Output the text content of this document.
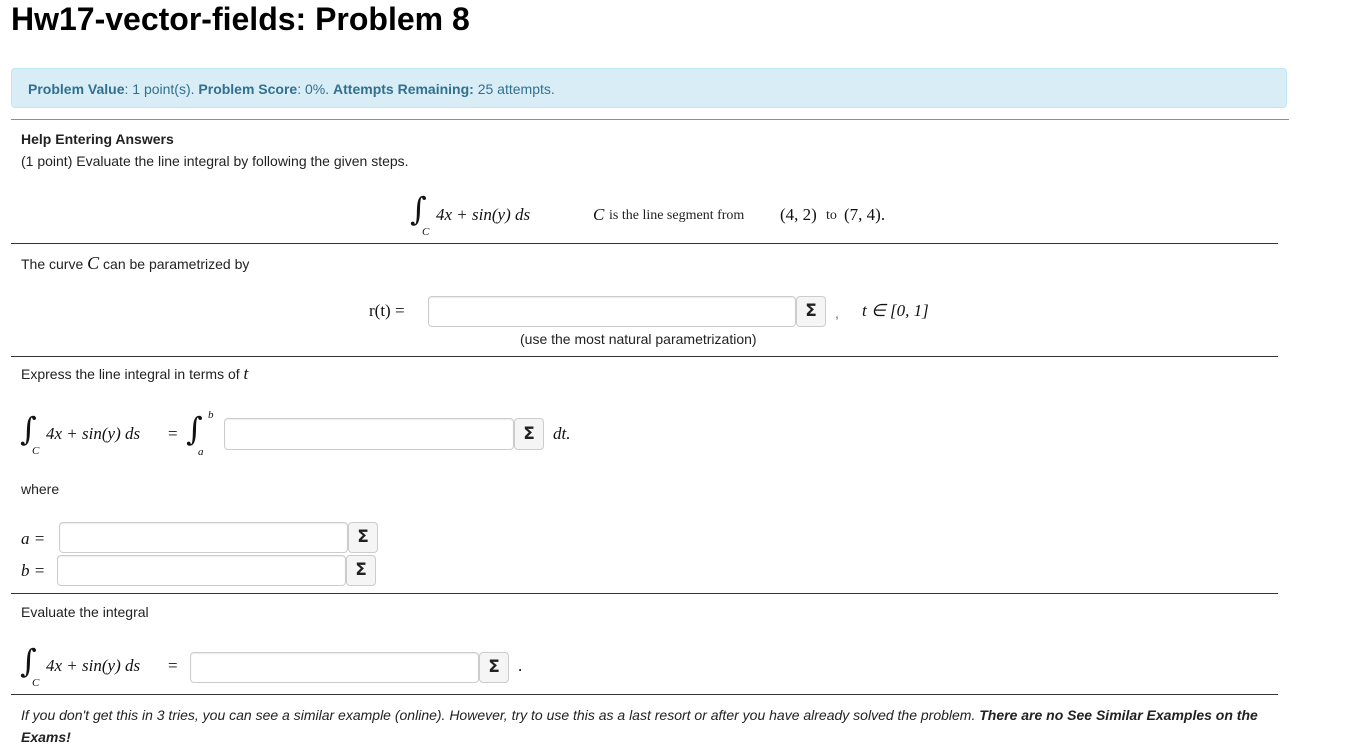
Hw17-vector-fields: Problem 8
Problem Value: 1 point(s). Problem Score: 0%. Attempts Remaining: 25 attempts.
Help Entering Answers
(1 point) Evaluate the line integral by following the given steps.
∫
C
4x + sin(y) ds	C is the line segment from (4, 2) to (7, 4).
The curve C can be parametrized by
r(t) =	Σ	, t ∈ [0, 1]
(use the most natural parametrization)
Express the line integral in terms of t
∫
C
4x + sin(y) ds = ∫ b
a
dt.
Σ
where
a =	Σ
b =	Σ
Evaluate the integral
∫
C
4x + sin(y) ds =	.
Σ
If you don't get this in 3 tries, you can see a similar example (online). However, try to use this as a last resort or after you have already solved the problem. There are no See Similar Examples on the Exams!
